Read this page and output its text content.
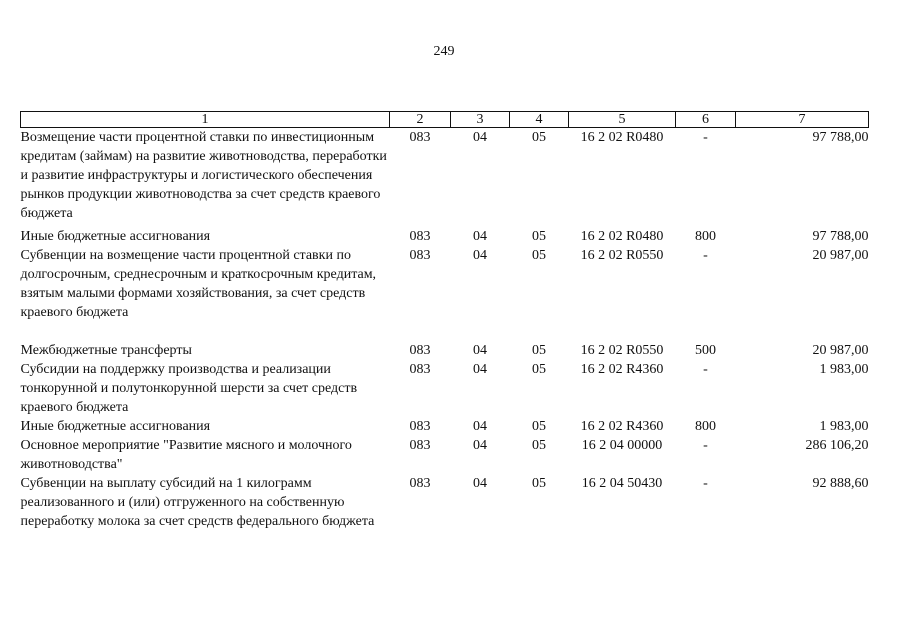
249
1	2	3	4	5	6	7
Возмещение части процентной ставки по инвестиционным кредитам (займам) на развитие животноводства, переработки и развитие инфраструктуры и логистического обеспечения рынков продукции животноводства за счет средств краевого бюджета	083	04	05	16 2 02 R0480	-	97 788,00
Иные бюджетные ассигнования	083	04	05	16 2 02 R0480	800	97 788,00
Субвенции на возмещение части процентной ставки по долгосрочным, среднесрочным и краткосрочным кредитам, взятым малыми формами хозяйствования, за счет средств краевого бюджета	083	04	05	16 2 02 R0550	-	20 987,00
Межбюджетные трансферты	083	04	05	16 2 02 R0550	500	20 987,00
Субсидии на поддержку производства и реализации тонкорунной и полутонкорунной шерсти за счет средств краевого бюджета	083	04	05	16 2 02 R4360	-	1 983,00
Иные бюджетные ассигнования	083	04	05	16 2 02 R4360	800	1 983,00
Основное мероприятие "Развитие мясного и молочного животноводства"	083	04	05	16 2 04 00000	-	286 106,20
Субвенции на выплату субсидий на 1 килограмм реализованного и (или) отгруженного на собственную переработку молока за счет средств федерального бюджета	083	04	05	16 2 04 50430	-	92 888,60
